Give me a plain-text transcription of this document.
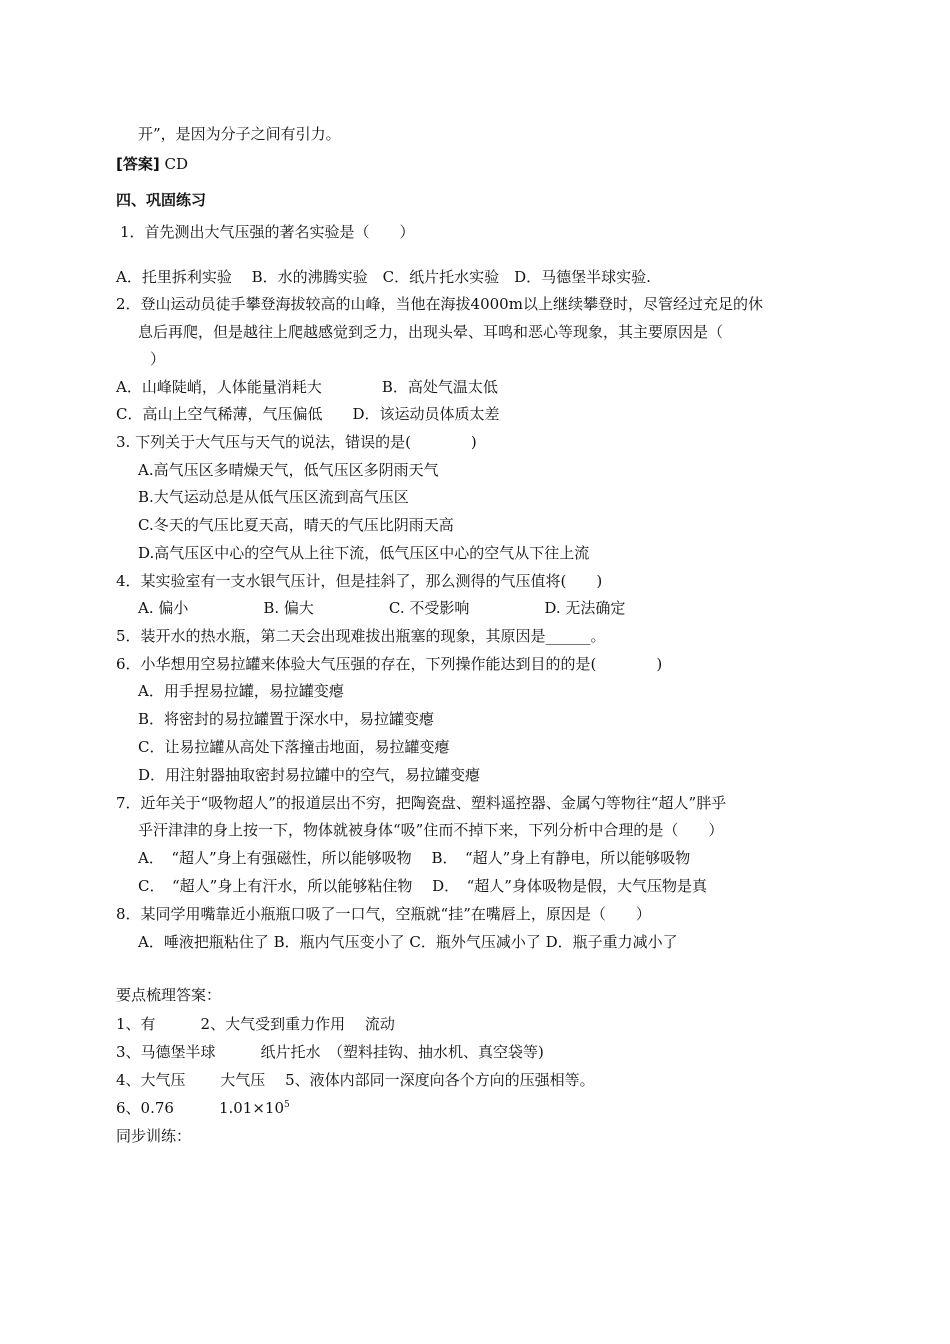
开”，是因为分子之间有引力。
[答案] CD
四、巩固练习
1．首先测出大气压强的著名实验是（　　）
A．托里拆利实验　 B．水的沸腾实验　C．纸片托水实验　D．马德堡半球实验.
2．登山运动员徒手攀登海拔较高的山峰，当他在海拔4000m以上继续攀登时，尽管经过充足的休
息后再爬，但是越往上爬越感觉到乏力，出现头晕、耳鸣和恶心等现象，其主要原因是（
）
A．山峰陡峭，人体能量消耗大　　　　B．高处气温太低
C．高山上空气稀薄，气压偏低　　D．该运动员体质太差
3. 下列关于大气压与天气的说法，错误的是(　　　　)
A.高气压区多晴燥天气，低气压区多阴雨天气
B.大气运动总是从低气压区流到高气压区
C.冬天的气压比夏天高，晴天的气压比阴雨天高
D.高气压区中心的空气从上往下流，低气压区中心的空气从下往上流
4．某实验室有一支水银气压计，但是挂斜了，那么测得的气压值将(　　)
A. 偏小　　　　　B. 偏大　　　　　C. 不受影响　　　　　D. 无法确定
5．装开水的热水瓶，第二天会出现难拔出瓶塞的现象，其原因是______。
6．小华想用空易拉罐来体验大气压强的存在，下列操作能达到目的的是(　　　　)
A．用手捏易拉罐，易拉罐变瘪
B．将密封的易拉罐置于深水中，易拉罐变瘪
C．让易拉罐从高处下落撞击地面，易拉罐变瘪
D．用注射器抽取密封易拉罐中的空气，易拉罐变瘪
7．近年关于“吸物超人”的报道层出不穷，把陶瓷盘、塑料遥控器、金属勺等物往“超人”胖乎
乎汗津津的身上按一下，物体就被身体“吸”住而不掉下来，下列分析中合理的是（　　）
A．　“超人”身上有强磁性，所以能够吸物　 B．　“超人”身上有静电，所以能够吸物
C．　“超人”身上有汗水，所以能够粘住物　 D．　“超人”身体吸物是假，大气压物是真
8．某同学用嘴靠近小瓶瓶口吸了一口气，空瓶就“挂”在嘴唇上，原因是（　　）
A．唾液把瓶粘住了 B．瓶内气压变小了 C．瓶外气压减小了 D．瓶子重力减小了
要点梳理答案：
1、有　　　2、大气受到重力作用　 流动
3、马德堡半球　　　纸片托水　（塑料挂钩、抽水机、真空袋等)
4、大气压　　 大气压　 5、液体内部同一深度向各个方向的压强相等。
6、0.76　　　$1.01\times 10^5$
同步训练：
